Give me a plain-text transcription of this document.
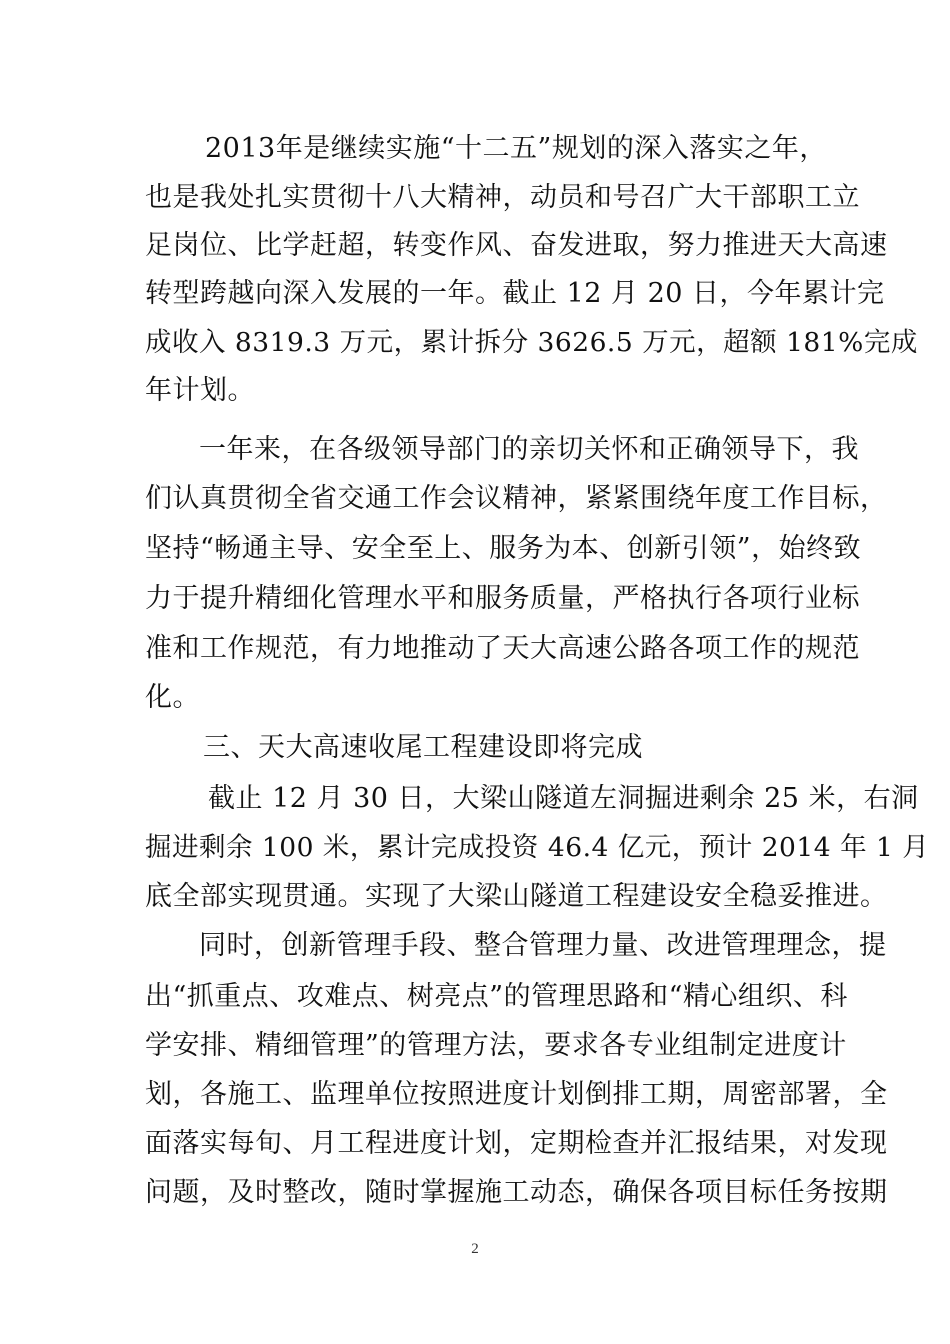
2013年是继续实施“十二五”规划的深入落实之年，
也是我处扎实贯彻十八大精神，动员和号召广大干部职工立
足岗位、比学赶超，转变作风、奋发进取，努力推进天大高速
转型跨越向深入发展的一年。截止 12 月 20 日，今年累计完
成收入 8319.3 万元，累计拆分 3626.5 万元，超额 181%完成
年计划。
一年来，在各级领导部门的亲切关怀和正确领导下，我
们认真贯彻全省交通工作会议精神，紧紧围绕年度工作目标，
坚持“畅通主导、安全至上、服务为本、创新引领”，始终致
力于提升精细化管理水平和服务质量，严格执行各项行业标
准和工作规范，有力地推动了天大高速公路各项工作的规范
化。
三、天大高速收尾工程建设即将完成
截止 12 月 30 日，大梁山隧道左洞掘进剩余 25 米，右洞
掘进剩余 100 米，累计完成投资 46.4 亿元，预计 2014 年 1 月
底全部实现贯通。实现了大梁山隧道工程建设安全稳妥推进。
同时，创新管理手段、整合管理力量、改进管理理念，提
出“抓重点、攻难点、树亮点”的管理思路和“精心组织、科
学安排、精细管理”的管理方法，要求各专业组制定进度计
划，各施工、监理单位按照进度计划倒排工期，周密部署，全
面落实每旬、月工程进度计划，定期检查并汇报结果，对发现
问题，及时整改，随时掌握施工动态，确保各项目标任务按期
2
